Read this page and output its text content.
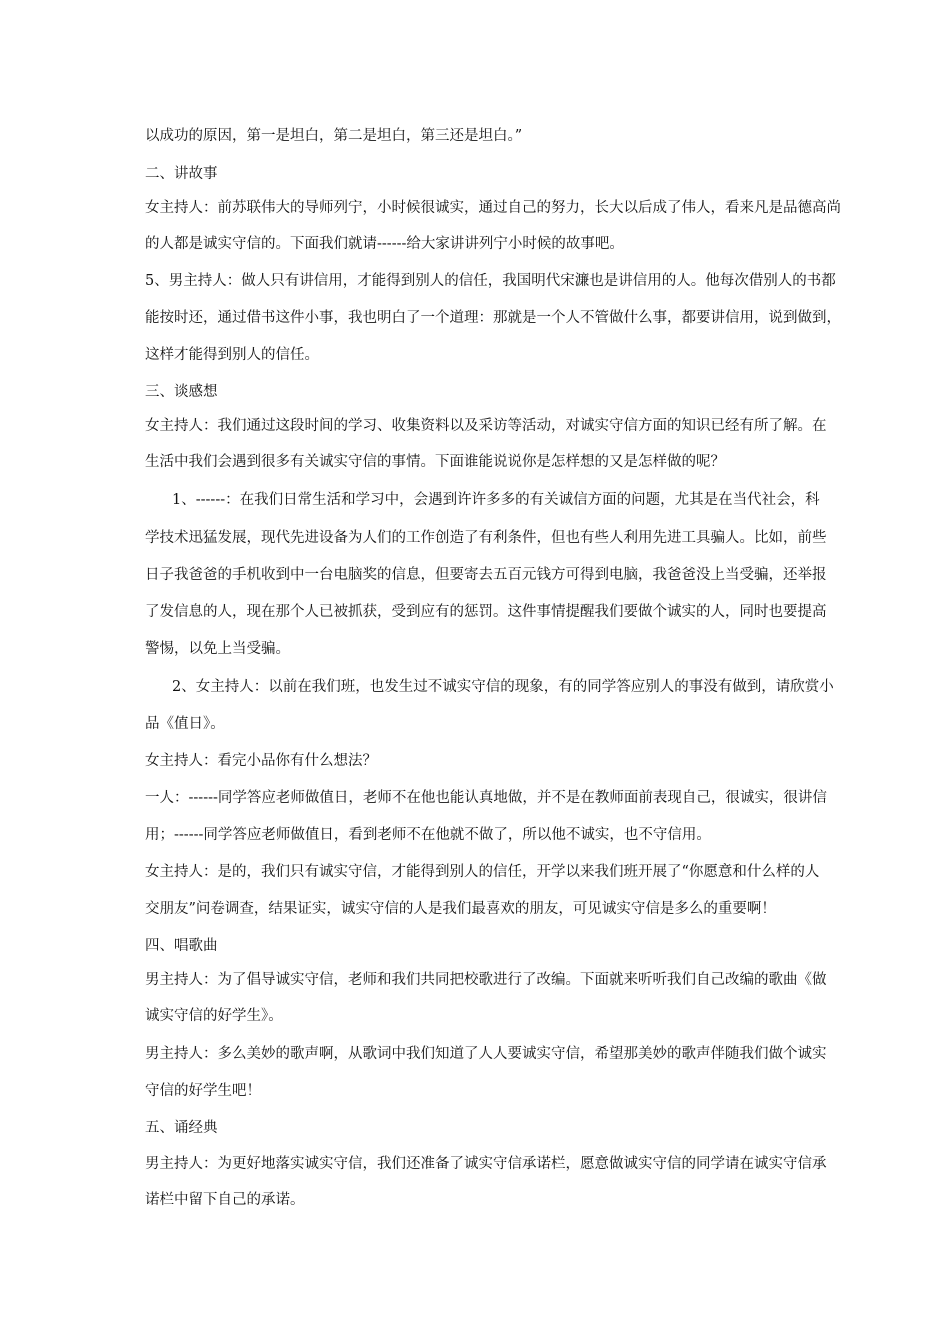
以成功的原因，第一是坦白，第二是坦白，第三还是坦白。”
二、讲故事
女主持人：前苏联伟大的导师列宁，小时候很诚实，通过自己的努力，长大以后成了伟人，看来凡是品德高尚
的人都是诚实守信的。下面我们就请------给大家讲讲列宁小时候的故事吧。
5、男主持人：做人只有讲信用，才能得到别人的信任，我国明代宋濂也是讲信用的人。他每次借别人的书都
能按时还，通过借书这件小事，我也明白了一个道理：那就是一个人不管做什么事，都要讲信用，说到做到，
这样才能得到别人的信任。
三、谈感想
女主持人：我们通过这段时间的学习、收集资料以及采访等活动，对诚实守信方面的知识已经有所了解。在
生活中我们会遇到很多有关诚实守信的事情。下面谁能说说你是怎样想的又是怎样做的呢？
1、------：在我们日常生活和学习中，会遇到许许多多的有关诚信方面的问题，尤其是在当代社会，科
学技术迅猛发展，现代先进设备为人们的工作创造了有利条件，但也有些人利用先进工具骗人。比如，前些
日子我爸爸的手机收到中一台电脑奖的信息，但要寄去五百元钱方可得到电脑，我爸爸没上当受骗，还举报
了发信息的人，现在那个人已被抓获，受到应有的惩罚。这件事情提醒我们要做个诚实的人，同时也要提高
警惕，以免上当受骗。
2、女主持人：以前在我们班，也发生过不诚实守信的现象，有的同学答应别人的事没有做到，请欣赏小
品《值日》。
女主持人：看完小品你有什么想法？
一人：------同学答应老师做值日，老师不在他也能认真地做，并不是在教师面前表现自己，很诚实，很讲信
用；------同学答应老师做值日，看到老师不在他就不做了，所以他不诚实，也不守信用。
女主持人：是的，我们只有诚实守信，才能得到别人的信任，开学以来我们班开展了“你愿意和什么样的人
交朋友”问卷调查，结果证实，诚实守信的人是我们最喜欢的朋友，可见诚实守信是多么的重要啊！
四、唱歌曲
男主持人：为了倡导诚实守信，老师和我们共同把校歌进行了改编。下面就来听听我们自己改编的歌曲《做
诚实守信的好学生》。
男主持人：多么美妙的歌声啊，从歌词中我们知道了人人要诚实守信，希望那美妙的歌声伴随我们做个诚实
守信的好学生吧！
五、诵经典
男主持人：为更好地落实诚实守信，我们还准备了诚实守信承诺栏，愿意做诚实守信的同学请在诚实守信承
诺栏中留下自己的承诺。
